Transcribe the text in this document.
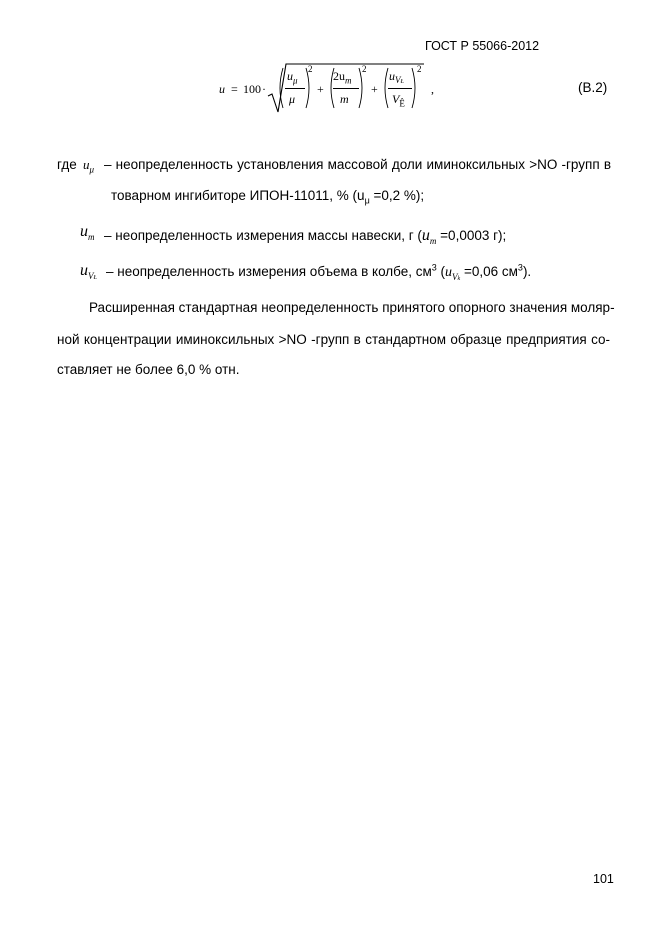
ГОСТ Р 55066-2012
u = 100 ·
$u_\mu$
μ
2
+
$2u_m$
m
2
+
$u_{VŁ}$
$V_Ê$
2
,	(В.2)
где $u_\mu$ – неопределенность установления массовой доли иминоксильных >NO -групп в
товарном ингибиторе ИПОН-11011, % ($u_\mu =0,2$ %);
$u_m$ – неопределенность измерения массы навески, г ($u_m =0,0003$ г);
$u_{VŁ}$ – неопределенность измерения объема в колбе, $см^3$ ($u_{Vk} =0,06$ $см^3$).
Расширенная стандартная неопределенность принятого опорного значения моляр-
ной концентрации иминоксильных >NO -групп в стандартном образце предприятия со-
ставляет не более 6,0 % отн.
101
